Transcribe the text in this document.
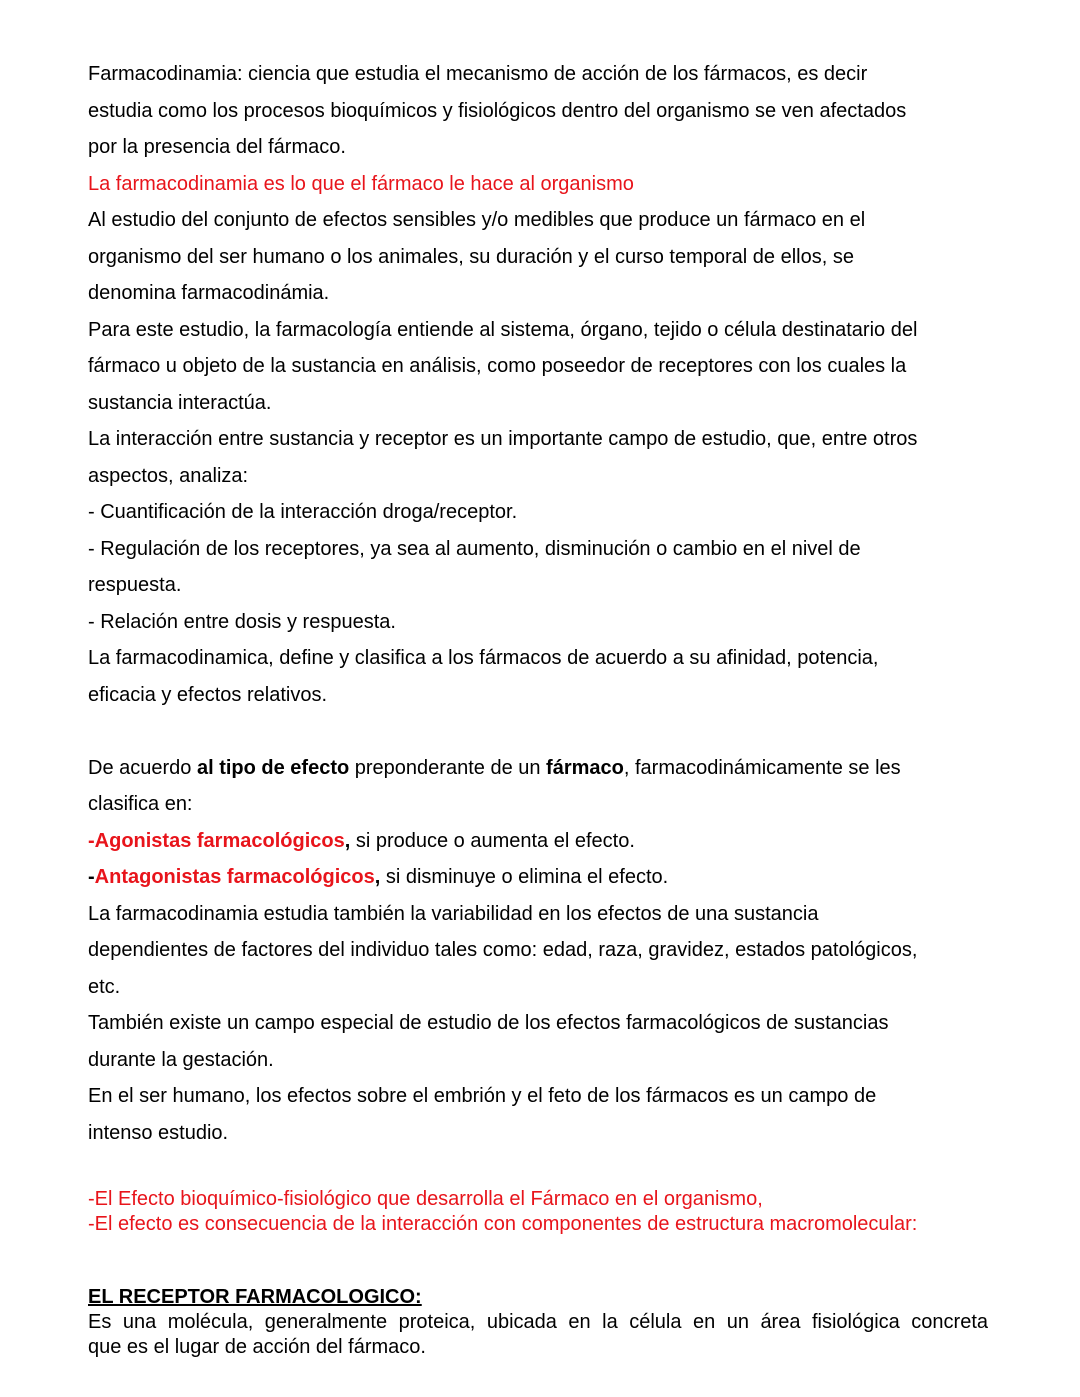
Farmacodinamia: ciencia que estudia el mecanismo de acción de los fármacos, es decir

estudia como los procesos bioquímicos y fisiológicos dentro del organismo se ven afectados

por la presencia del fármaco.

La farmacodinamia es lo que el fármaco le hace al organismo

Al estudio del conjunto de efectos sensibles y/o medibles que produce un fármaco en el

organismo del ser humano o los animales, su duración y el curso temporal de ellos, se

denomina farmacodinámia.

Para este estudio, la farmacología entiende al sistema, órgano, tejido o célula destinatario del

fármaco u objeto de la sustancia en análisis, como poseedor de receptores con los cuales la

sustancia interactúa.

La interacción entre sustancia y receptor es un importante campo de estudio, que, entre otros

aspectos, analiza:

- Cuantificación de la interacción droga/receptor.

- Regulación de los receptores, ya sea al aumento, disminución o cambio en el nivel de

respuesta.

- Relación entre dosis y respuesta.

La farmacodinamica, define y clasifica a los fármacos de acuerdo a su afinidad, potencia,

eficacia y efectos relativos.

De acuerdo al tipo de efecto preponderante de un fármaco, farmacodinámicamente se les

clasifica en:

-Agonistas farmacológicos, si produce o aumenta el efecto.

-Antagonistas farmacológicos, si disminuye o elimina el efecto.

La farmacodinamia estudia también la variabilidad en los efectos de una sustancia

dependientes de factores del individuo tales como: edad, raza, gravidez, estados patológicos,

etc.

También existe un campo especial de estudio de los efectos farmacológicos de sustancias

durante la gestación.

En el ser humano, los efectos sobre el embrión y el feto de los fármacos es un campo de

intenso estudio.

-El Efecto bioquímico-fisiológico que desarrolla el Fármaco en el organismo,

-El efecto es consecuencia de la interacción con componentes de estructura macromolecular:

EL RECEPTOR FARMACOLOGICO:

Es una molécula, generalmente proteica, ubicada en la célula en un área fisiológica concreta

que es el lugar de acción del fármaco.
